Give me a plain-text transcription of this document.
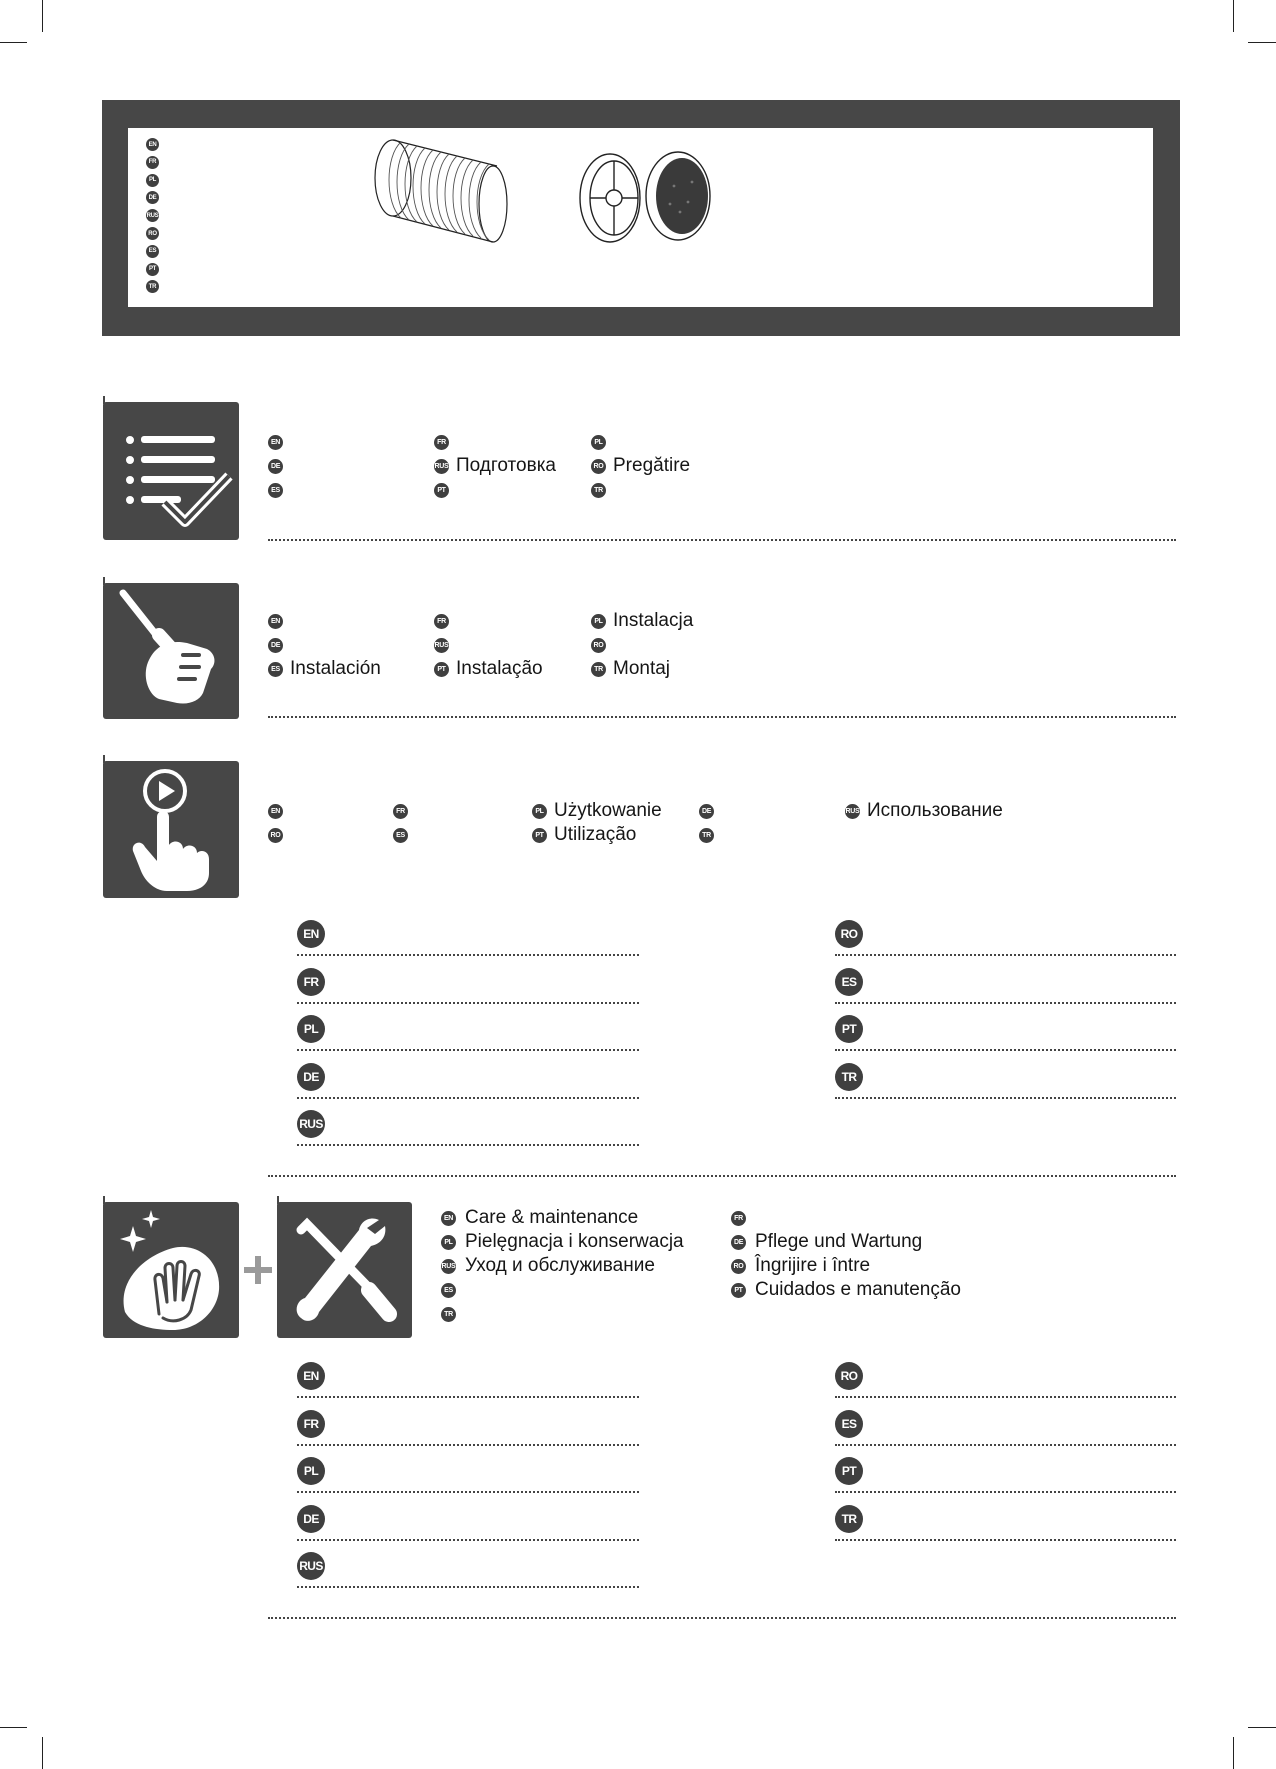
EN
FR
PL
DE
RUS
RO
ES
PT
TR
EN	FR	PL
DE	RUS Подготовка	RO Pregătire
ES	PT	TR
EN	FR	PL Instalacja
DE	RUS	RO
ES Instalación	PT Instalação	TR Montaj
EN	FR	PL Użytkowanie	DE	RUS Использование
RO	ES	PT Utilização	TR
EN
FR
PL
DE
RUS
RO
ES
PT
TR
EN Care & maintenance
PL Pielęgnacja i konserwacja
RUS Уход и обслуживание
ES
TR
FR
DE Pflege und Wartung
RO Îngrijire i între
PT Cuidados e manutenção
EN
FR
PL
DE
RUS
RO
ES
PT
TR
